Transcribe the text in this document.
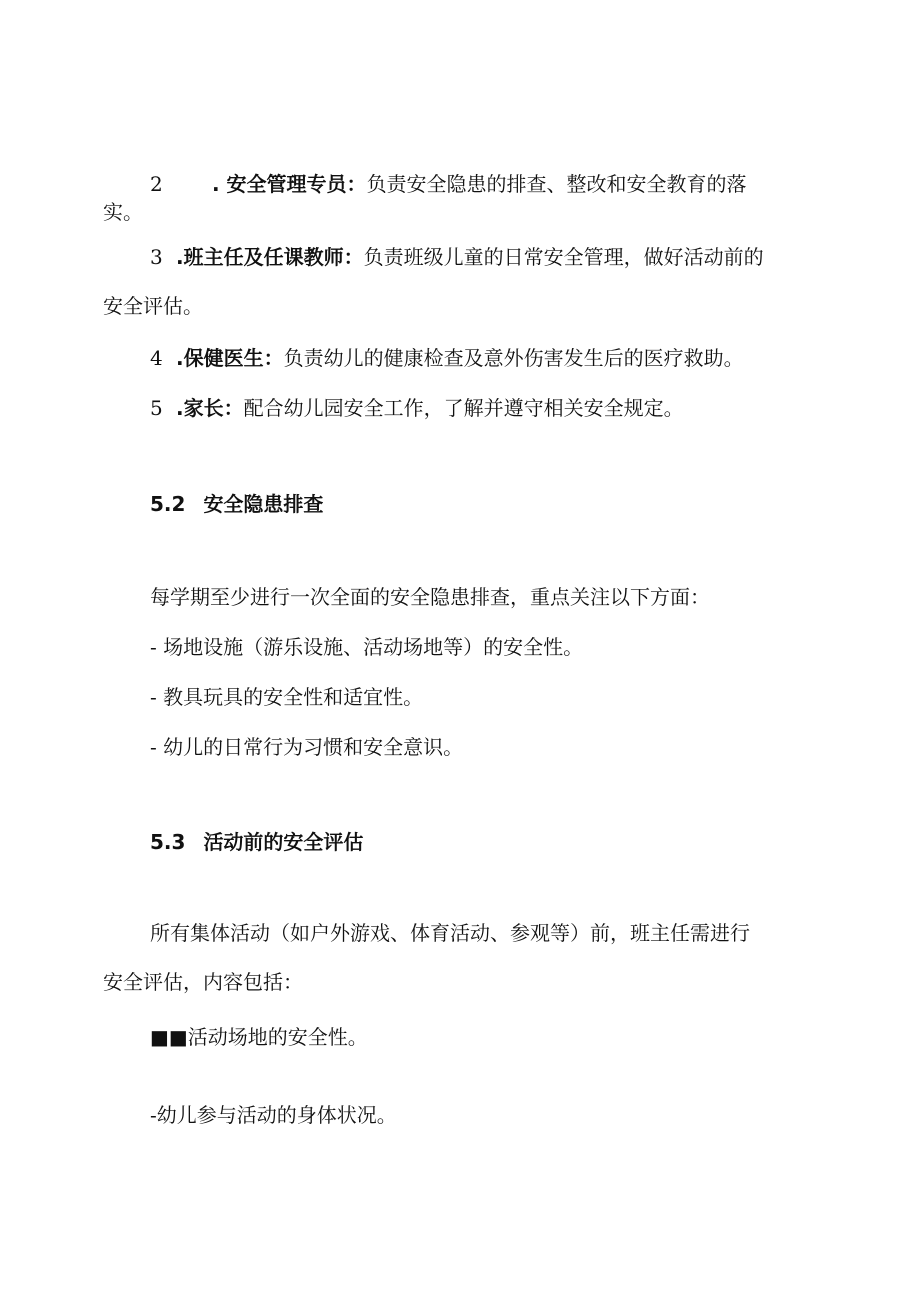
2 . 安全管理专员：负责安全隐患的排查、整改和安全教育的落
实。
3 .班主任及任课教师：负责班级儿童的日常安全管理，做好活动前的
安全评估。
4 .保健医生：负责幼儿的健康检查及意外伤害发生后的医疗救助。
5 .家长：配合幼儿园安全工作，了解并遵守相关安全规定。
5.2 安全隐患排查
每学期至少进行一次全面的安全隐患排查，重点关注以下方面：
- 场地设施（游乐设施、活动场地等）的安全性。
- 教具玩具的安全性和适宜性。
- 幼儿的日常行为习惯和安全意识。
5.3 活动前的安全评估
所有集体活动（如户外游戏、体育活动、参观等）前，班主任需进行
安全评估，内容包括：
■■活动场地的安全性。
-幼儿参与活动的身体状况。
